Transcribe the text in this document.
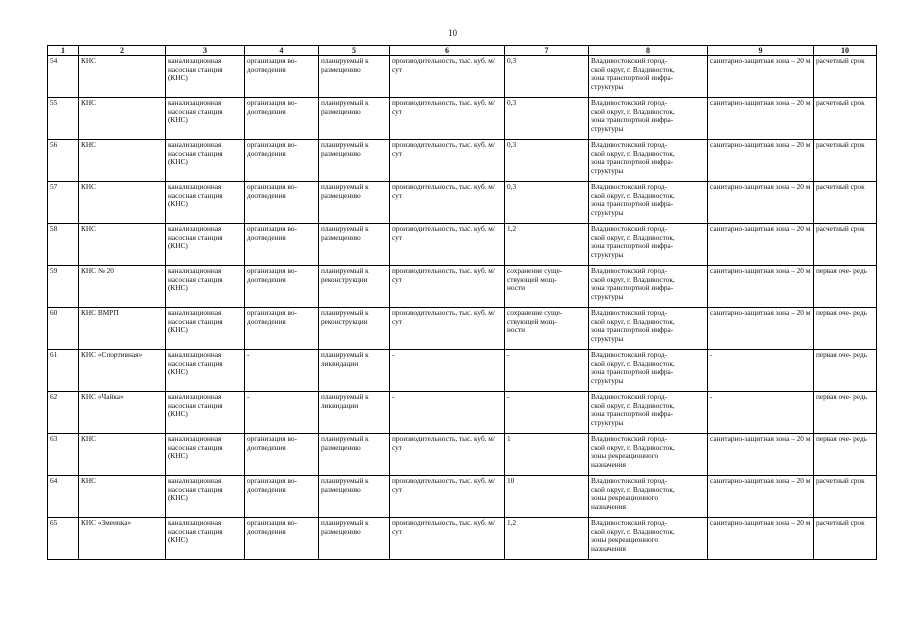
10
1	2	3	4	5	6	7	8	9	10
54	КНС	канализационная
насосная станция
(КНС)	организация во- доотведения	планируемый к размещению	производительность, тыс. куб. м/сут	0,3	Владивостокский город-
ской округ, г. Владивосток,
зона транспортной инфра-
структуры	санитарно-защитная зона – 20 м	расчетный срок
55	КНС	канализационная
насосная станция
(КНС)	организация во- доотведения	планируемый к размещению	производительность, тыс. куб. м/сут	0,3	Владивостокский город-
ской округ, г. Владивосток,
зона транспортной инфра-
структуры	санитарно-защитная зона – 20 м	расчетный срок
56	КНС	канализационная
насосная станция
(КНС)	организация во- доотведения	планируемый к размещению	производительность, тыс. куб. м/сут	0,3	Владивостокский город-
ской округ, г. Владивосток,
зона транспортной инфра-
структуры	санитарно-защитная зона – 20 м	расчетный срок
57	КНС	канализационная
насосная станция
(КНС)	организация во- доотведения	планируемый к размещению	производительность, тыс. куб. м/сут	0,3	Владивостокский город-
ской округ, г. Владивосток,
зона транспортной инфра-
структуры	санитарно-защитная зона – 20 м	расчетный срок
58	КНС	канализационная
насосная станция
(КНС)	организация во- доотведения	планируемый к размещению	производительность, тыс. куб. м/сут	1,2	Владивостокский город-
ской округ, г. Владивосток,
зона транспортной инфра-
структуры	санитарно-защитная зона – 20 м	расчетный срок
59	КНС № 20	канализационная
насосная станция
(КНС)	организация во- доотведения	планируемый к реконструкции	производительность, тыс. куб. м/сут	сохранение суще-
ствующей мощ-
ности	Владивостокский город-
ской округ, г. Владивосток,
зона транспортной инфра-
структуры	санитарно-защитная зона – 20 м	первая оче- редь
60	КНС ВМРП	канализационная
насосная станция
(КНС)	организация во- доотведения	планируемый к реконструкции	производительность, тыс. куб. м/сут	сохранение суще-
ствующей мощ-
ности	Владивостокский город-
ской округ, г. Владивосток,
зона транспортной инфра-
структуры	санитарно-защитная зона – 20 м	первая оче- редь
61	КНС «Спортивная»	канализационная
насосная станция
(КНС)	-	планируемый к ликвидации	-	-	Владивостокский город-
ской округ, г. Владивосток,
зона транспортной инфра-
структуры	-	первая оче- редь
62	КНС «Чайка»	канализационная
насосная станция
(КНС)	-	планируемый к ликвидации	-	-	Владивостокский город-
ской округ, г. Владивосток,
зона транспортной инфра-
структуры	-	первая оче- редь
63	КНС	канализационная
насосная станция
(КНС)	организация во- доотведения	планируемый к размещению	производительность, тыс. куб. м/сут	1	Владивостокский город-
ской округ, г. Владивосток,
зоны рекреационного
назначения	санитарно-защитная зона – 20 м	первая оче- редь
64	КНС	канализационная
насосная станция
(КНС)	организация во- доотведения	планируемый к размещению	производительность, тыс. куб. м/сут	10	Владивостокский город-
ской округ, г. Владивосток,
зоны рекреационного
назначения	санитарно-защитная зона – 20 м	расчетный срок
65	КНС «Змеинка»	канализационная
насосная станция
(КНС)	организация во- доотведения	планируемый к размещению	производительность, тыс. куб. м/сут	1,2	Владивостокский город-
ской округ, г. Владивосток,
зоны рекреационного
назначения	санитарно-защитная зона – 20 м	расчетный срок
